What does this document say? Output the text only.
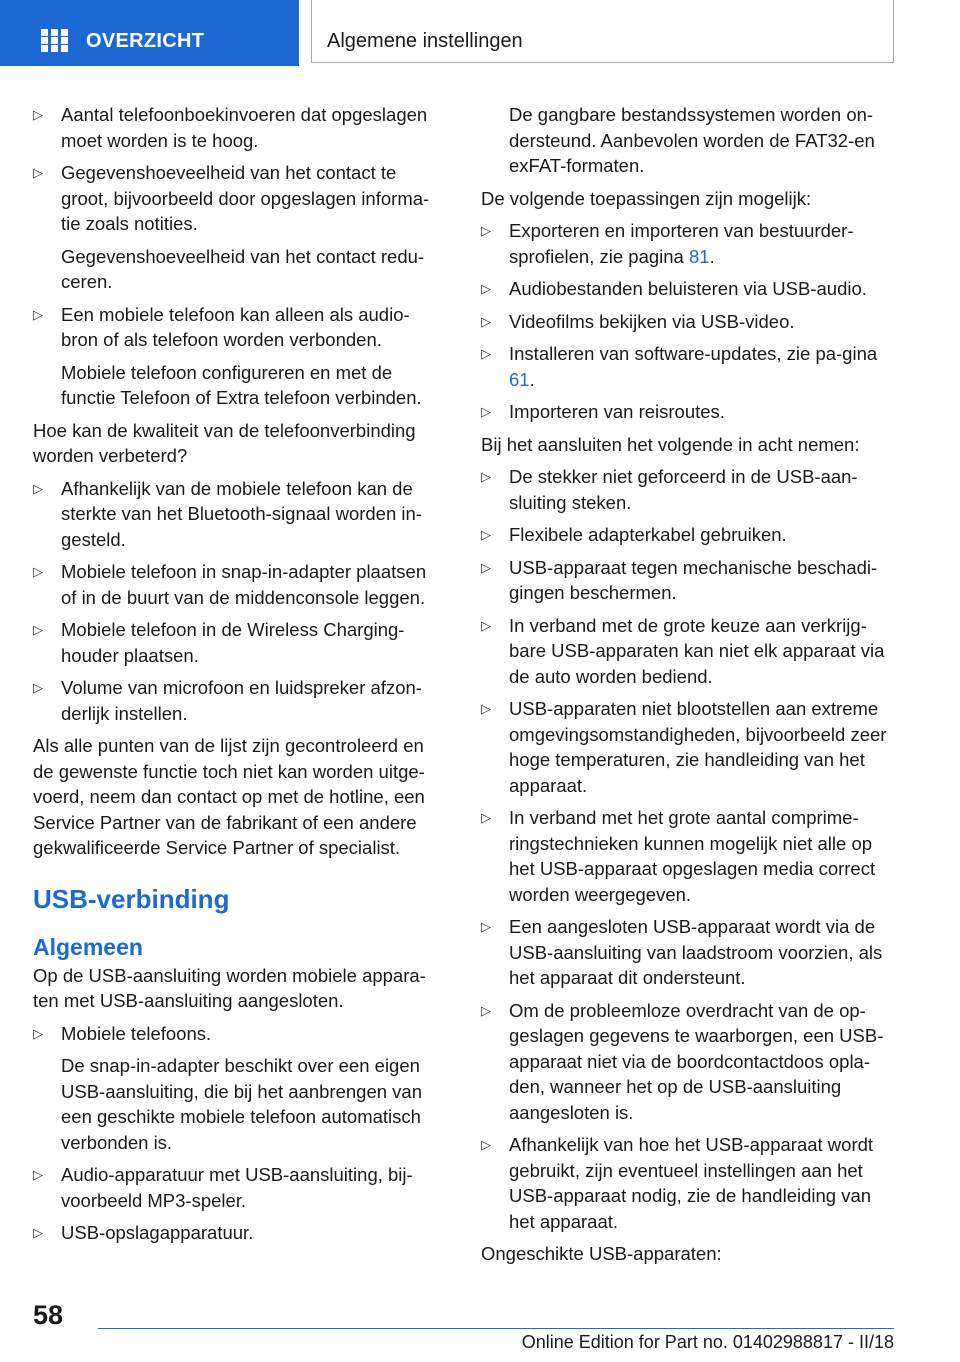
OVERZICHT	Algemene instellingen
▷ Aantal telefoonboekinvoeren dat opgeslagen moet worden is te hoog.
▷ Gegevenshoeveelheid van het contact te groot, bijvoorbeeld door opgeslagen informa-tie zoals notities.
Gegevenshoeveelheid van het contact redu-ceren.
▷ Een mobiele telefoon kan alleen als audio-bron of als telefoon worden verbonden.
Mobiele telefoon configureren en met de functie Telefoon of Extra telefoon verbinden.

Hoe kan de kwaliteit van de telefoonverbinding worden verbeterd?

▷ Afhankelijk van de mobiele telefoon kan de sterkte van het Bluetooth-signaal worden in-gesteld.
▷ Mobiele telefoon in snap-in-adapter plaatsen of in de buurt van de middenconsole leggen.
▷ Mobiele telefoon in de Wireless Charging-houder plaatsen.
▷ Volume van microfoon en luidspreker afzon-derlijk instellen.

Als alle punten van de lijst zijn gecontroleerd en de gewenste functie toch niet kan worden uitge-voerd, neem dan contact op met de hotline, een Service Partner van de fabrikant of een andere gekwalificeerde Service Partner of specialist.

USB-verbinding
Algemeen

Op de USB-aansluiting worden mobiele appara-ten met USB-aansluiting aangesloten.

▷ Mobiele telefoons.
De snap-in-adapter beschikt over een eigen USB-aansluiting, die bij het aanbrengen van een geschikte mobiele telefoon automatisch verbonden is.
▷ Audio-apparatuur met USB-aansluiting, bij-voorbeeld MP3-speler.
▷ USB-opslagapparatuur.
De gangbare bestandssystemen worden on-dersteund. Aanbevolen worden de FAT32-en exFAT-formaten.

De volgende toepassingen zijn mogelijk:

▷ Exporteren en importeren van bestuurder-sprofielen, zie pagina 81.
▷ Audiobestanden beluisteren via USB-audio.
▷ Videofilms bekijken via USB-video.
▷ Installeren van software-updates, zie pa-gina 61.
▷ Importeren van reisroutes.

Bij het aansluiten het volgende in acht nemen:

▷ De stekker niet geforceerd in de USB-aan-sluiting steken.
▷ Flexibele adapterkabel gebruiken.
▷ USB-apparaat tegen mechanische beschadi-gingen beschermen.
▷ In verband met de grote keuze aan verkrijg-bare USB-apparaten kan niet elk apparaat via de auto worden bediend.
▷ USB-apparaten niet blootstellen aan extreme omgevingsomstandigheden, bijvoorbeeld zeer hoge temperaturen, zie handleiding van het apparaat.
▷ In verband met het grote aantal comprime-ringstechnieken kunnen mogelijk niet alle op het USB-apparaat opgeslagen media correct worden weergegeven.
▷ Een aangesloten USB-apparaat wordt via de USB-aansluiting van laadstroom voorzien, als het apparaat dit ondersteunt.
▷ Om de probleemloze overdracht van de op-geslagen gegevens te waarborgen, een USB-apparaat niet via de boordcontactdoos opla-den, wanneer het op de USB-aansluiting aangesloten is.
▷ Afhankelijk van hoe het USB-apparaat wordt gebruikt, zijn eventueel instellingen aan het USB-apparaat nodig, zie de handleiding van het apparaat.

Ongeschikte USB-apparaten:

58
Online Edition for Part no. 01402988817 - II/18
